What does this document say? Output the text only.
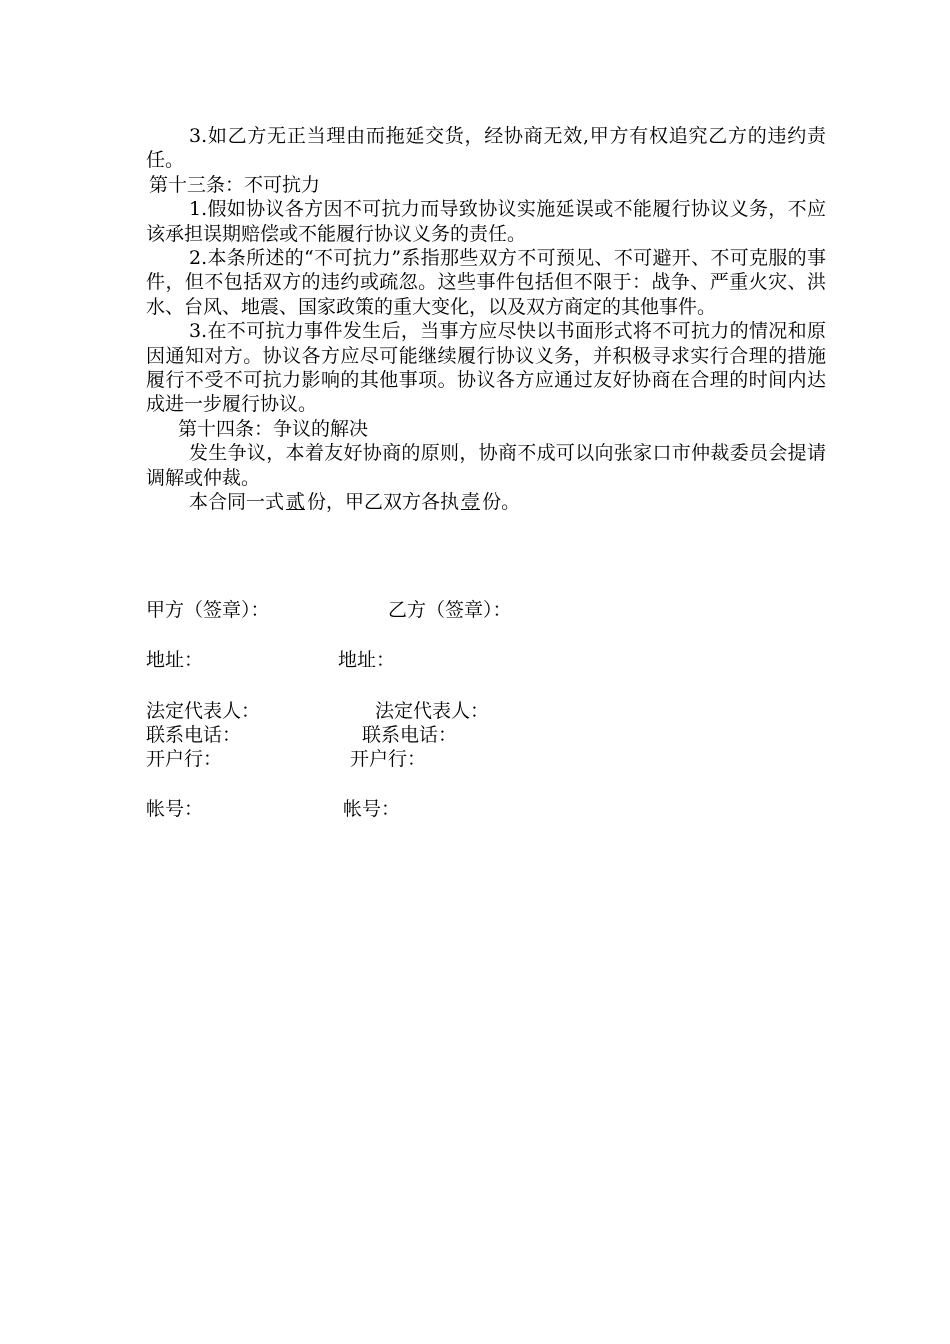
3.如乙方无正当理由而拖延交货，经协商无效,甲方有权追究乙方的违约责任。

第十三条：不可抗力

1.假如协议各方因不可抗力而导致协议实施延误或不能履行协议义务，不应该承担误期赔偿或不能履行协议义务的责任。

2.本条所述的“不可抗力”系指那些双方不可预见、不可避开、不可克服的事件，但不包括双方的违约或疏忽。这些事件包括但不限于：战争、严重火灾、洪水、台风、地震、国家政策的重大变化，以及双方商定的其他事件。

3.在不可抗力事件发生后，当事方应尽快以书面形式将不可抗力的情况和原因通知对方。协议各方应尽可能继续履行协议义务，并积极寻求实行合理的措施履行不受不可抗力影响的其他事项。协议各方应通过友好协商在合理的时间内达成进一步履行协议。

第十四条：争议的解决

发生争议，本着友好协商的原则，协商不成可以向张家口市仲裁委员会提请调解或仲裁。

本合同一式 贰 份，甲乙双方各执 壹 份。

甲方（签章）：	乙方（签章）：
地址：	地址：
法定代表人：	法定代表人：
联系电话：	联系电话：
开户行：	开户行：
帐号：	帐号：
